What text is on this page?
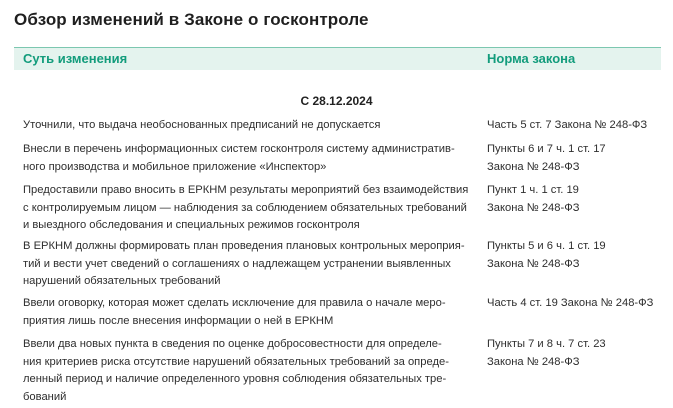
Обзор изменений в Законе о госконтроле
Суть изменения	Норма закона
С 28.12.2024
Уточнили, что выдача необоснованных предписаний не допускается	Часть 5 ст. 7 Закона № 248-ФЗ
Внесли в перечень информационных систем госконтроля систему административ-
ного производства и мобильное приложение «Инспектор»
Пункты 6 и 7 ч. 1 ст. 17
Закона № 248-ФЗ
Предоставили право вносить в ЕРКНМ результаты мероприятий без взаимодействия
с контролируемым лицом — наблюдения за соблюдением обязательных требований
и выездного обследования и специальных режимов госконтроля
Пункт 1 ч. 1 ст. 19
Закона № 248-ФЗ
В ЕРКНМ должны формировать план проведения плановых контрольных мероприя-
тий и вести учет сведений о соглашениях о надлежащем устранении выявленных
нарушений обязательных требований
Пункты 5 и 6 ч. 1 ст. 19
Закона № 248-ФЗ
Ввели оговорку, которая может сделать исключение для правила о начале меро-
приятия лишь после внесения информации о ней в ЕРКНМ
Часть 4 ст. 19 Закона № 248-ФЗ
Ввели два новых пункта в сведения по оценке добросовестности для определе-
ния критериев риска отсутствие нарушений обязательных требований за опреде-
ленный период и наличие определенного уровня соблюдения обязательных тре-
бований
Пункты 7 и 8 ч. 7 ст. 23
Закона № 248-ФЗ
